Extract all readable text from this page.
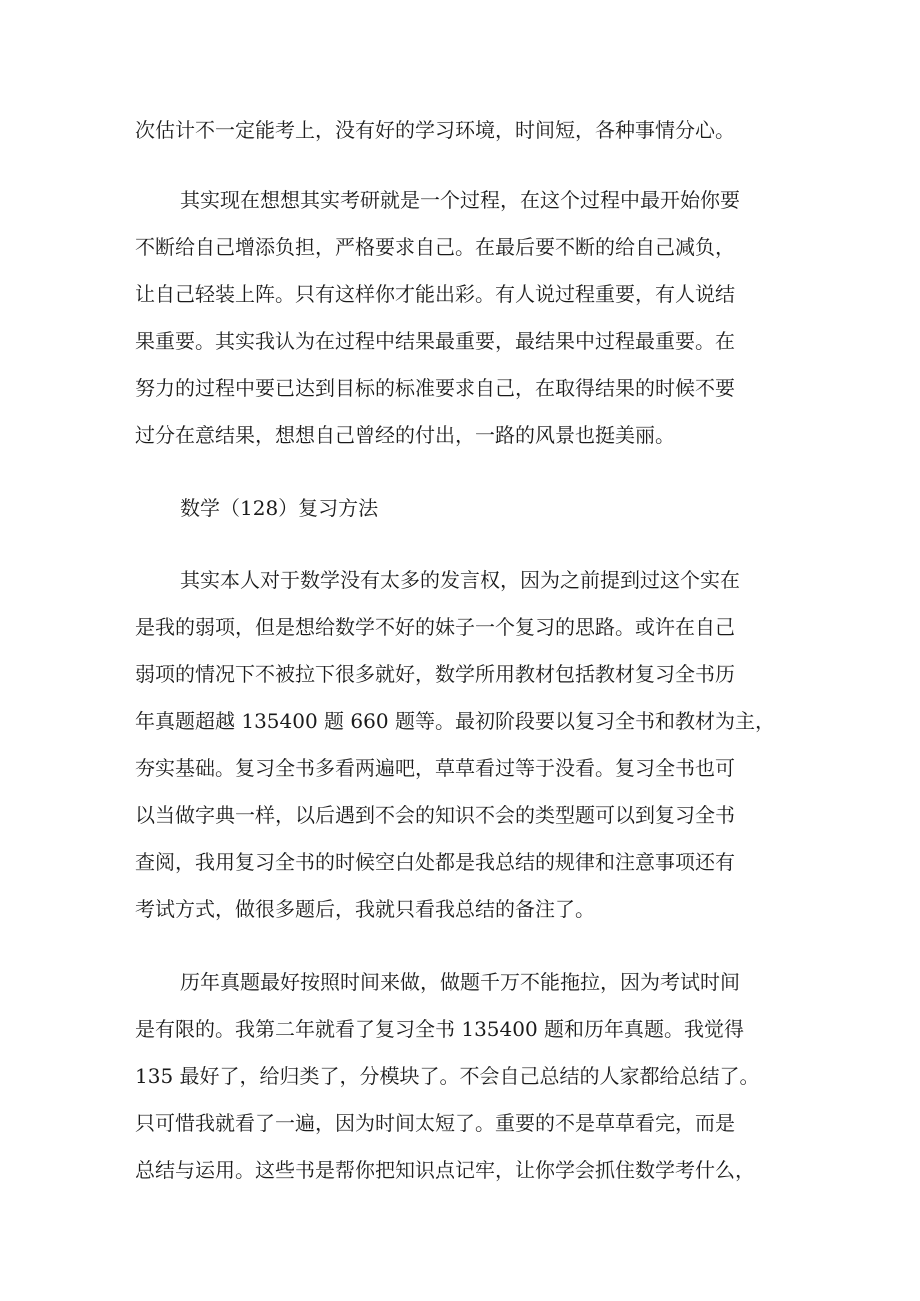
次估计不一定能考上，没有好的学习环境，时间短，各种事情分心。
其实现在想想其实考研就是一个过程，在这个过程中最开始你要
不断给自己增添负担，严格要求自己。在最后要不断的给自己减负，
让自己轻装上阵。只有这样你才能出彩。有人说过程重要，有人说结
果重要。其实我认为在过程中结果最重要，最结果中过程最重要。在
努力的过程中要已达到目标的标准要求自己，在取得结果的时候不要
过分在意结果，想想自己曾经的付出，一路的风景也挺美丽。
数学（128）复习方法
其实本人对于数学没有太多的发言权，因为之前提到过这个实在
是我的弱项，但是想给数学不好的妹子一个复习的思路。或许在自己
弱项的情况下不被拉下很多就好，数学所用教材包括教材复习全书历
年真题超越 135400 题 660 题等。最初阶段要以复习全书和教材为主，
夯实基础。复习全书多看两遍吧，草草看过等于没看。复习全书也可
以当做字典一样，以后遇到不会的知识不会的类型题可以到复习全书
查阅，我用复习全书的时候空白处都是我总结的规律和注意事项还有
考试方式，做很多题后，我就只看我总结的备注了。
历年真题最好按照时间来做，做题千万不能拖拉，因为考试时间
是有限的。我第二年就看了复习全书 135400 题和历年真题。我觉得
135 最好了，给归类了，分模块了。不会自己总结的人家都给总结了。
只可惜我就看了一遍，因为时间太短了。重要的不是草草看完，而是
总结与运用。这些书是帮你把知识点记牢，让你学会抓住数学考什么，
